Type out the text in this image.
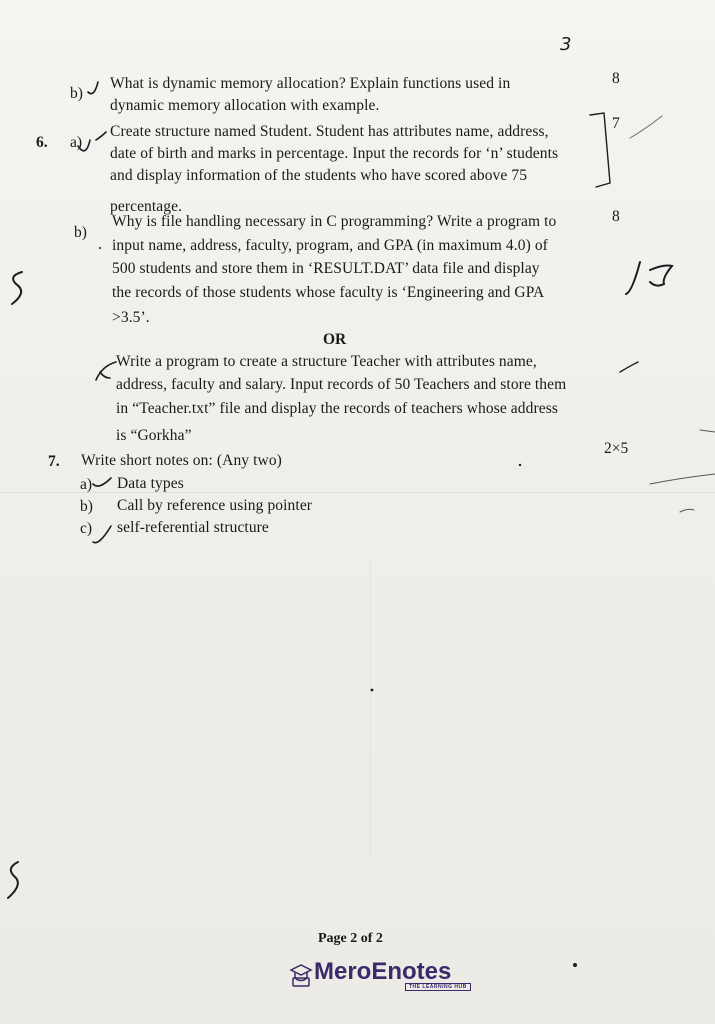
3
b)
What is dynamic memory allocation? Explain functions used in
dynamic memory allocation with example.
8
6. a)
Create structure named Student. Student has attributes name, address,
date of birth and marks in percentage. Input the records for ‘n’ students
and display information of the students who have scored above 75
percentage.
7
b)
Why is file handling necessary in C programming? Write a program to
input name, address, faculty, program, and GPA (in maximum 4.0) of
500 students and store them in ‘RESULT.DAT’ data file and display
the records of those students whose faculty is ‘Engineering and GPA
>3.5’.
8
OR
Write a program to create a structure Teacher with attributes name,
address, faculty and salary. Input records of 50 Teachers and store them
in “Teacher.txt” file and display the records of teachers whose address
is “Gorkha”
7. Write short notes on: (Any two)
2×5
a) Data types
b) Call by reference using pointer
c) self-referential structure
Page 2 of 2
MeroEnotes
THE LEARNING HUB
